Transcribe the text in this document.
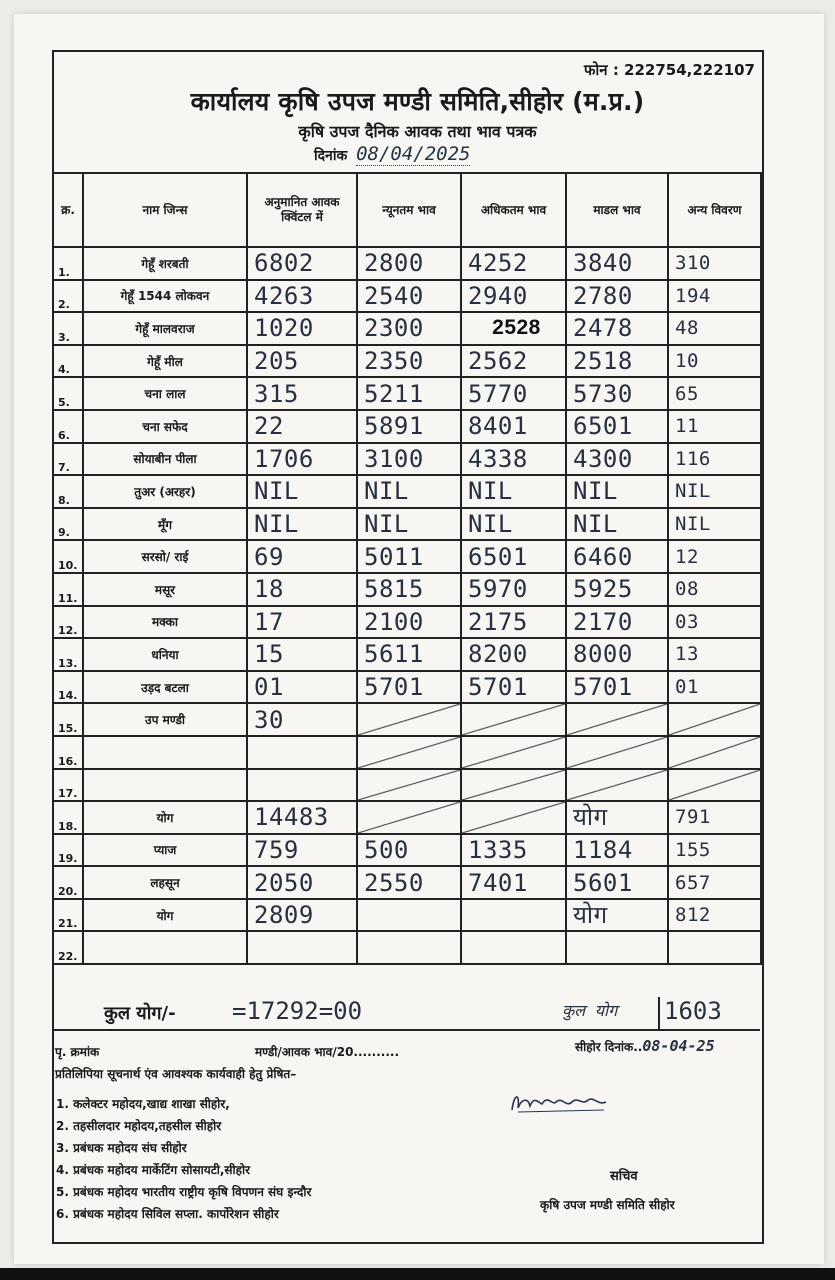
फोन : 222754,222107
कार्यालय कृषि उपज मण्डी समिति,सीहोर (म.प्र.)
कृषि उपज दैनिक आवक तथा भाव पत्रक
दिनांक 08/04/2025
क्र.	नाम जिन्स	अनुमानित आवक क्विंटल में	न्यूनतम भाव	अधिकतम भाव	माडल भाव	अन्य विवरण
1.	गेहूँ शरबती	6802	2800	4252	3840	310
2.	गेहूँ 1544 लोकवन	4263	2540	2940	2780	194
3.	गेहूँ मालवराज	1020	2300	2528	2478	48
4.	गेहूँ मील	205	2350	2562	2518	10
5.	चना लाल	315	5211	5770	5730	65
6.	चना सफेद	22	5891	8401	6501	11
7.	सोयाबीन पीला	1706	3100	4338	4300	116
8.	तुअर (अरहर)	NIL	NIL	NIL	NIL	NIL
9.	मूँग	NIL	NIL	NIL	NIL	NIL
10.	सरसो/ राई	69	5011	6501	6460	12
11.	मसूर	18	5815	5970	5925	08
12.	मक्का	17	2100	2175	2170	03
13.	धनिया	15	5611	8200	8000	13
14.	उड़द बटला	01	5701	5701	5701	01
15.	उप मण्डी	30				
16.						
17.						
18.	योग	14483			योग	791
19.	प्याज	759	500	1335	1184	155
20.	लहसून	2050	2550	7401	5601	657
21.	योग	2809			योग	812
22.						
कुल योग/- =17292=00	कुल योग 1603
पृ. क्रमांक	मण्डी/आवक भाव/20..........	सीहोर दिनांक..08-04-25
प्रतिलिपिया सूचनार्थ एंव आवश्यक कार्यवाही हेतु प्रेषित–
1. कलेक्टर महोदय,खाद्य शाखा सीहोर,
2. तहसीलदार महोदय,तहसील सीहोर
3. प्रबंधक महोदय संघ सीहोर
4. प्रबंधक महोदय मार्केटिंग सोसायटी,सीहोर
5. प्रबंधक महोदय भारतीय राष्ट्रीय कृषि विपणन संघ इन्दौर
6. प्रबंधक महोदय सिविल सप्ला. कार्पोरेशन सीहोर
सचिव
कृषि उपज मण्डी समिति सीहोर
